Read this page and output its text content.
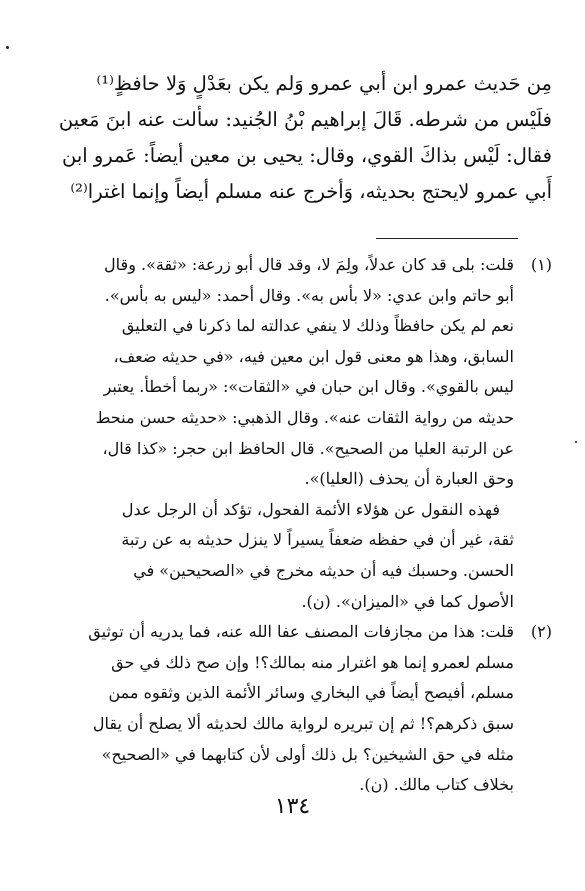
مِن حَديث عمرو ابن أبي عمرو وَلم يكن بعَدْلٍ وَلا حافظٍ⁽¹⁾
فلَيْس من شرطه. قَالَ إبراهيم بْنُ الجُنيد: سألت عنه ابنَ مَعين
فقال: لَيْس بذاكَ القوي، وقال: يحيى بن معين أيضاً: عَمرو ابن
أَبي عمرو لايحتج بحديثه، وَأخرج عنه مسلم أيضاً وإنما اغترا⁽²⁾
(١)
قلت: بلى قد كان عدلاً، ولِمَ لا، وقد قال أبو زرعة: «ثقة». وقال
أبو حاتم وابن عدي: «لا بأس به». وقال أحمد: «ليس به بأس».
نعم لم يكن حافظاً وذلك لا ينفي عدالته لما ذكرنا في التعليق
السابق، وهذا هو معنى قول ابن معين فيه، «في حديثه ضعف،
ليس بالقوي». وقال ابن حبان في «الثقات»: «ربما أخطأ. يعتبر
حديثه من رواية الثقات عنه». وقال الذهبي: «حديثه حسن منحط
عن الرتبة العليا من الصحيح». قال الحافظ ابن حجر: «كذا قال،
وحق العبارة أن يحذف (العليا)».
فهذه النقول عن هؤلاء الأئمة الفحول، تؤكد أن الرجل عدل
ثقة، غير أن في حفظه ضعفاً يسيراً لا ينزل حديثه به عن رتبة
الحسن. وحسبك فيه أن حديثه مخرج في «الصحيحين» في
الأصول كما في «الميزان». (ن).
(٢)
قلت: هذا من مجازفات المصنف عفا الله عنه، فما يدريه أن توثيق
مسلم لعمرو إنما هو اغترار منه بمالك؟! وإن صح ذلك في حق
مسلم، أفيصح أيضاً في البخاري وسائر الأئمة الذين وثقوه ممن
سبق ذكرهم؟! ثم إن تبريره لرواية مالك لحديثه ألا يصلح أن يقال
مثله في حق الشيخين؟ بل ذلك أولى لأن كتابهما في «الصحيح»
بخلاف كتاب مالك. (ن).
١٣٤
